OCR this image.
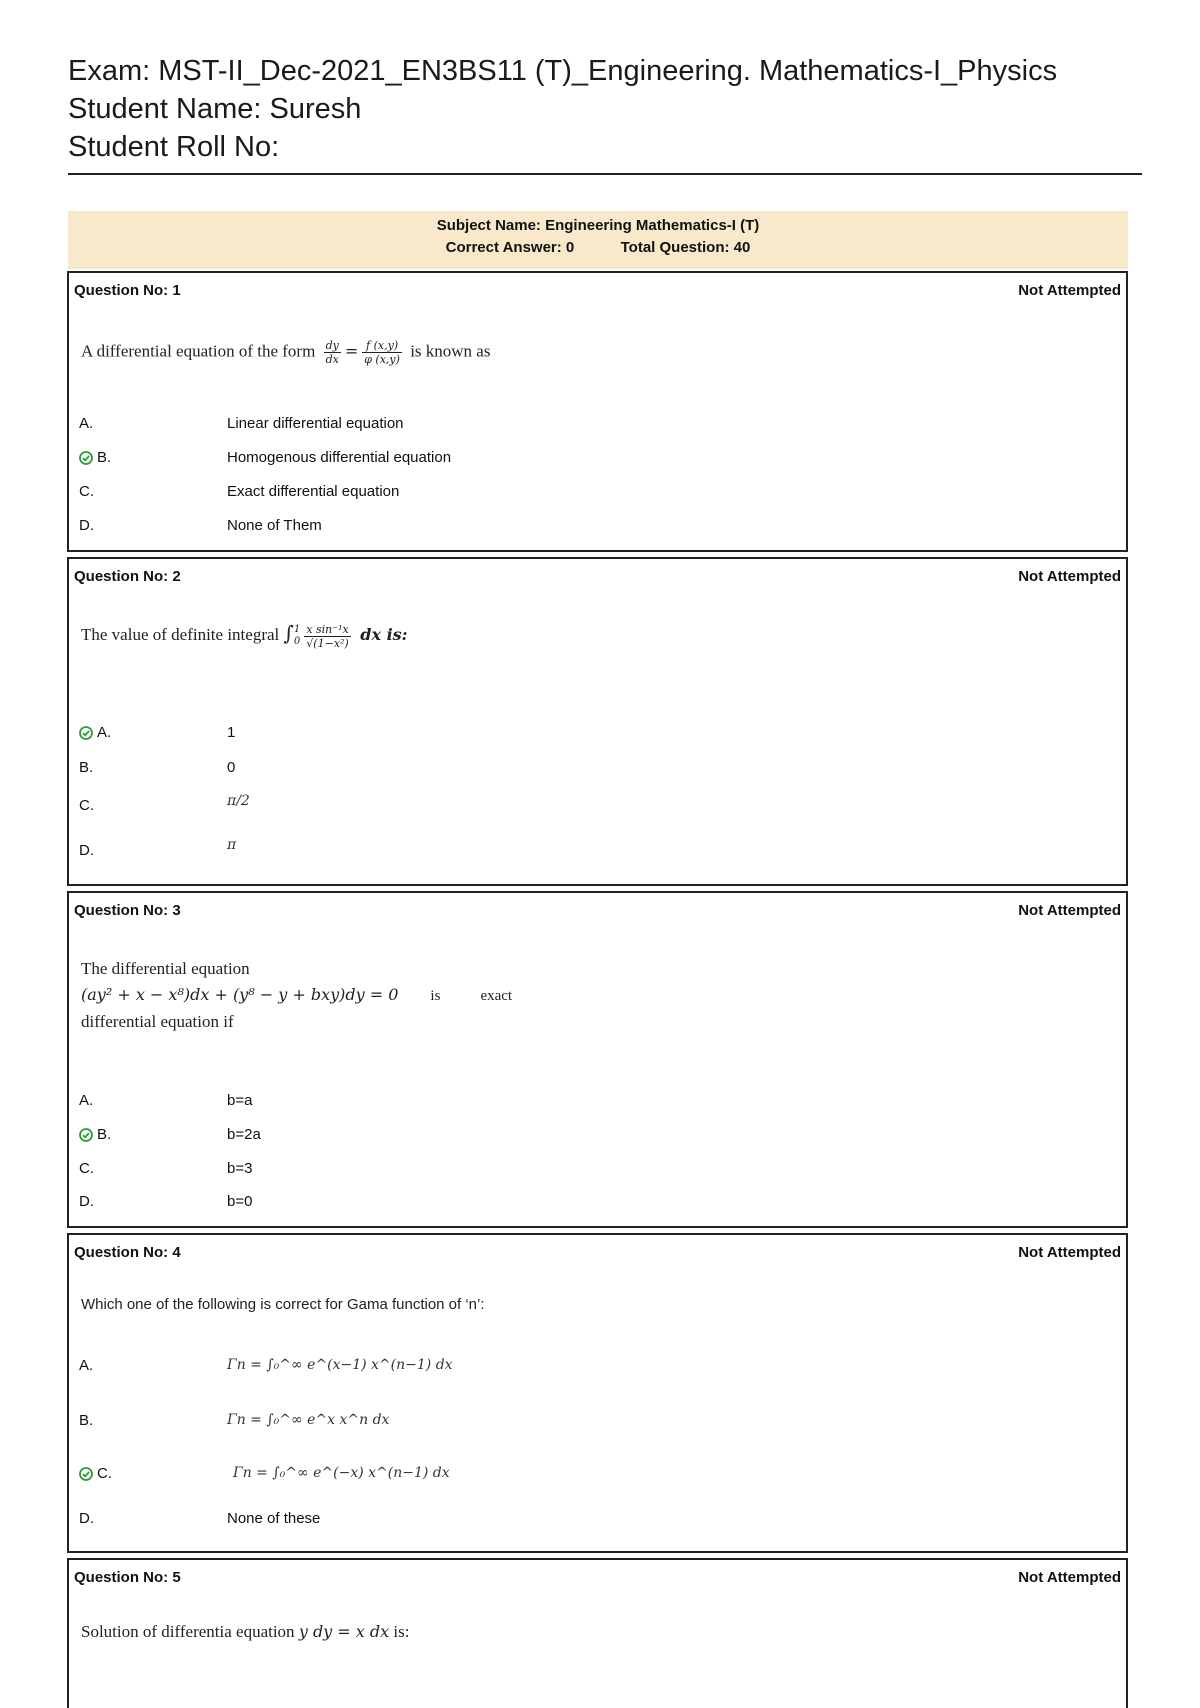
Exam: MST-II_Dec-2021_EN3BS11 (T)_Engineering. Mathematics-I_Physics
Student Name: Suresh
Student Roll No:
Subject Name: Engineering Mathematics-I (T)
Correct Answer: 0	Total Question: 40
Question No: 1	Not Attempted
A differential equation of the form $\frac{dy}{dx} = \frac{f (x,y)}{\varphi (x,y)}$ is known as
A.	Linear differential equation
B.	Homogenous differential equation
C.	Exact differential equation
D.	None of Them
Question No: 2	Not Attempted
The value of definite integral ∫ 1
$0 \frac{\text{x sin⁻¹x}}{\text{√(1−x²)}}$ dx is:
A.	1
B.	0
C.	π/2
D.	π
Question No: 3	Not Attempted
The differential equation
(ay² + x − x⁸)dx + (y⁸ − y + bxy)dy = 0 is	exact
differential equation if
A.	b=a
B.	b=2a
C.	b=3
D.	b=0
Question No: 4	Not Attempted
Which one of the following is correct for Gama function of ‘n’:
A.	Γn = ∫₀^∞ e^(x−1) x^(n−1) dx
B.	Γn = ∫₀^∞ e^x x^n dx
C.	Γn = ∫₀^∞ e^(−x) x^(n−1) dx
D.	None of these
Question No: 5	Not Attempted
Solution of differentia equation y dy = x dx is:
